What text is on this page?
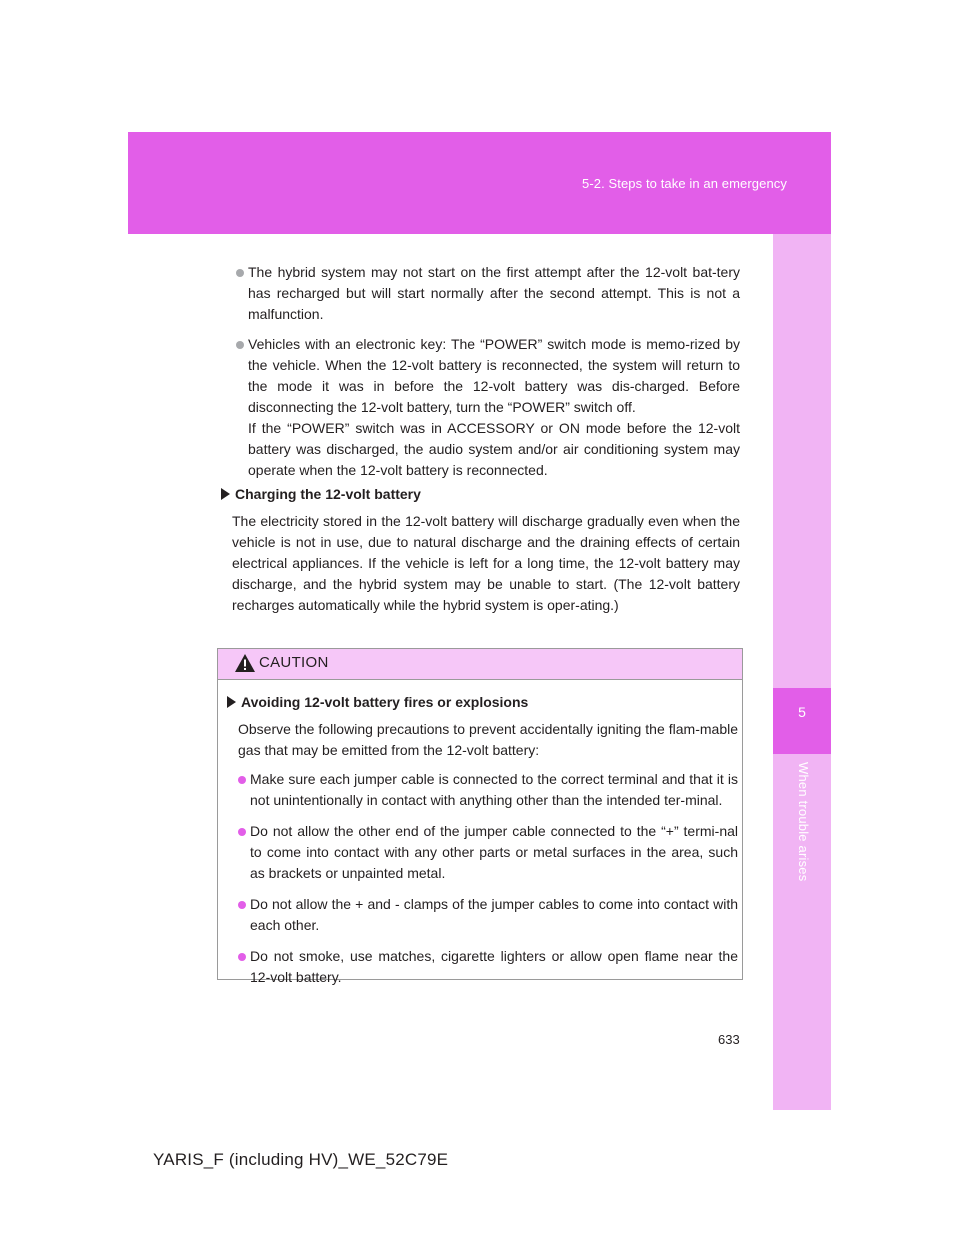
5-2. Steps to take in an emergency
5
When trouble arises

The hybrid system may not start on the first attempt after the 12-volt bat-tery has recharged but will start normally after the second attempt. This is not a malfunction.

Vehicles with an electronic key: The “POWER” switch mode is memo-rized by the vehicle. When the 12-volt battery is reconnected, the system will return to the mode it was in before the 12-volt battery was dis-charged. Before disconnecting the 12-volt battery, turn the “POWER” switch off.

If the “POWER” switch was in ACCESSORY or ON mode before the 12-volt battery was discharged, the audio system and/or air conditioning system may operate when the 12-volt battery is reconnected.

Charging the 12-volt battery

The electricity stored in the 12-volt battery will discharge gradually even when the vehicle is not in use, due to natural discharge and the draining effects of certain electrical appliances. If the vehicle is left for a long time, the 12-volt battery may discharge, and the hybrid system may be unable to start. (The 12-volt battery recharges automatically while the hybrid system is oper-ating.)

CAUTION
Avoiding 12-volt battery fires or explosions

Observe the following precautions to prevent accidentally igniting the flam-mable gas that may be emitted from the 12-volt battery:

Make sure each jumper cable is connected to the correct terminal and that it is not unintentionally in contact with anything other than the intended ter-minal.

Do not allow the other end of the jumper cable connected to the “+” termi-nal to come into contact with any other parts or metal surfaces in the area, such as brackets or unpainted metal.

Do not allow the + and - clamps of the jumper cables to come into contact with each other.

Do not smoke, use matches, cigarette lighters or allow open flame near the 12-volt battery.

633
YARIS_F (including HV)_WE_52C79E
